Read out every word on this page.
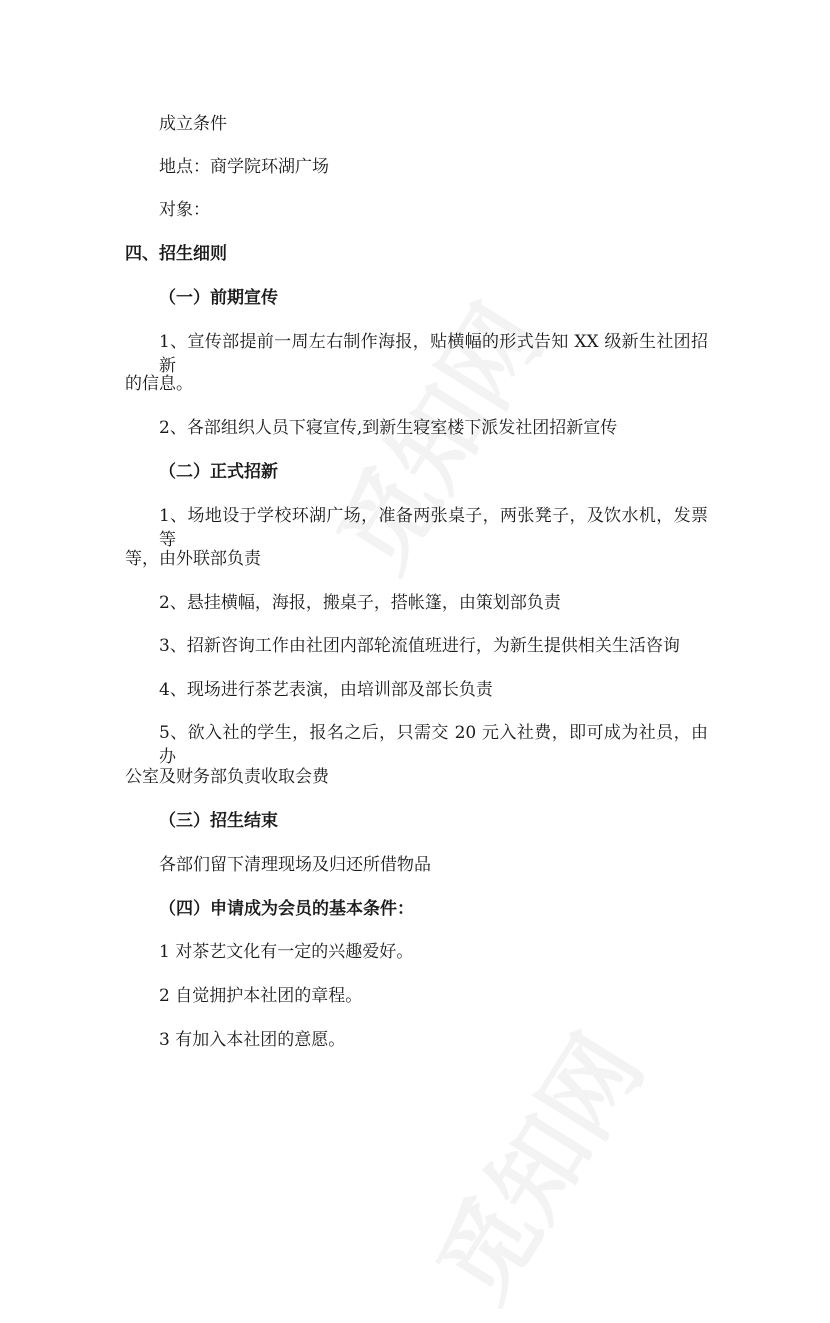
成立条件
地点：商学院环湖广场
对象：
四、招生细则
（一）前期宣传
1、宣传部提前一周左右制作海报，贴横幅的形式告知 XX 级新生社团招新
的信息。
2、各部组织人员下寝宣传,到新生寝室楼下派发社团招新宣传
（二）正式招新
1、场地设于学校环湖广场，准备两张桌子，两张凳子，及饮水机，发票等
等，由外联部负责
2、悬挂横幅，海报，搬桌子，搭帐篷，由策划部负责
3、招新咨询工作由社团内部轮流值班进行，为新生提供相关生活咨询
4、现场进行茶艺表演，由培训部及部长负责
5、欲入社的学生，报名之后，只需交 20 元入社费，即可成为社员，由办
公室及财务部负责收取会费
（三）招生结束
各部们留下清理现场及归还所借物品
（四）申请成为会员的基本条件：
1 对茶艺文化有一定的兴趣爱好。
2 自觉拥护本社团的章程。
3 有加入本社团的意愿。
